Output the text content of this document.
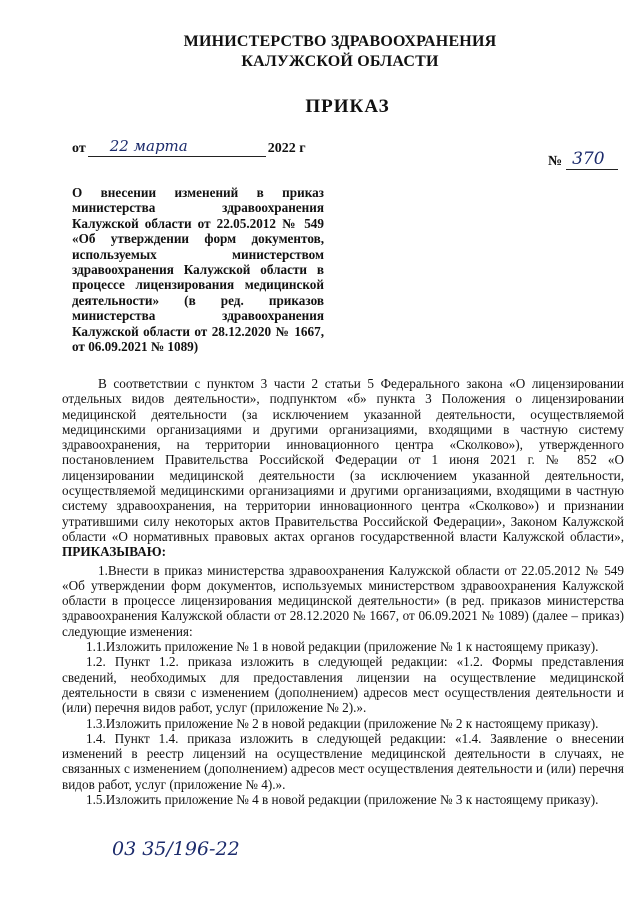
МИНИСТЕРСТВО ЗДРАВООХРАНЕНИЯ
КАЛУЖСКОЙ ОБЛАСТИ
ПРИКАЗ
от 22 марта	2022 г
№ 370
О внесении изменений в приказ министерства здравоохранения Калужской области от 22.05.2012 № 549 «Об утверждении форм документов, используемых министерством здравоохранения Калужской области в процессе лицензирования медицинской деятельности» (в ред. приказов министерства здравоохранения Калужской области от 28.12.2020 № 1667, от 06.09.2021 № 1089)

В соответствии с пунктом 3 части 2 статьи 5 Федерального закона «О лицензировании отдельных видов деятельности», подпунктом «б» пункта 3 Положения о лицензировании медицинской деятельности (за исключением указанной деятельности, осуществляемой медицинскими организациями и другими организациями, входящими в частную систему здравоохранения, на территории инновационного центра «Сколково»), утвержденного постановлением Правительства Российской Федерации от 1 июня 2021 г. № 852 «О лицензировании медицинской деятельности (за исключением указанной деятельности, осуществляемой медицинскими организациями и другими организациями, входящими в частную систему здравоохранения, на территории инновационного центра «Сколково») и признании утратившими силу некоторых актов Правительства Российской Федерации», Законом Калужской области «О нормативных правовых актах органов государственной власти Калужской области», ПРИКАЗЫВАЮ:

1.Внести в приказ министерства здравоохранения Калужской области от 22.05.2012 № 549 «Об утверждении форм документов, используемых министерством здравоохранения Калужской области в процессе лицензирования медицинской деятельности» (в ред. приказов министерства здравоохранения Калужской области от 28.12.2020 № 1667, от 06.09.2021 № 1089) (далее – приказ) следующие изменения:

1.1.Изложить приложение № 1 в новой редакции (приложение № 1 к настоящему приказу).

1.2. Пункт 1.2. приказа изложить в следующей редакции: «1.2. Формы представления сведений, необходимых для предоставления лицензии на осуществление медицинской деятельности в связи с изменением (дополнением) адресов мест осуществления деятельности и (или) перечня видов работ, услуг (приложение № 2).».

1.3.Изложить приложение № 2 в новой редакции (приложение № 2 к настоящему приказу).

1.4. Пункт 1.4. приказа изложить в следующей редакции: «1.4. Заявление о внесении изменений в реестр лицензий на осуществление медицинской деятельности в случаях, не связанных с изменением (дополнением) адресов мест осуществления деятельности и (или) перечня видов работ, услуг (приложение № 4).».

1.5.Изложить приложение № 4 в новой редакции (приложение № 3 к настоящему приказу).

03 35/196-22
